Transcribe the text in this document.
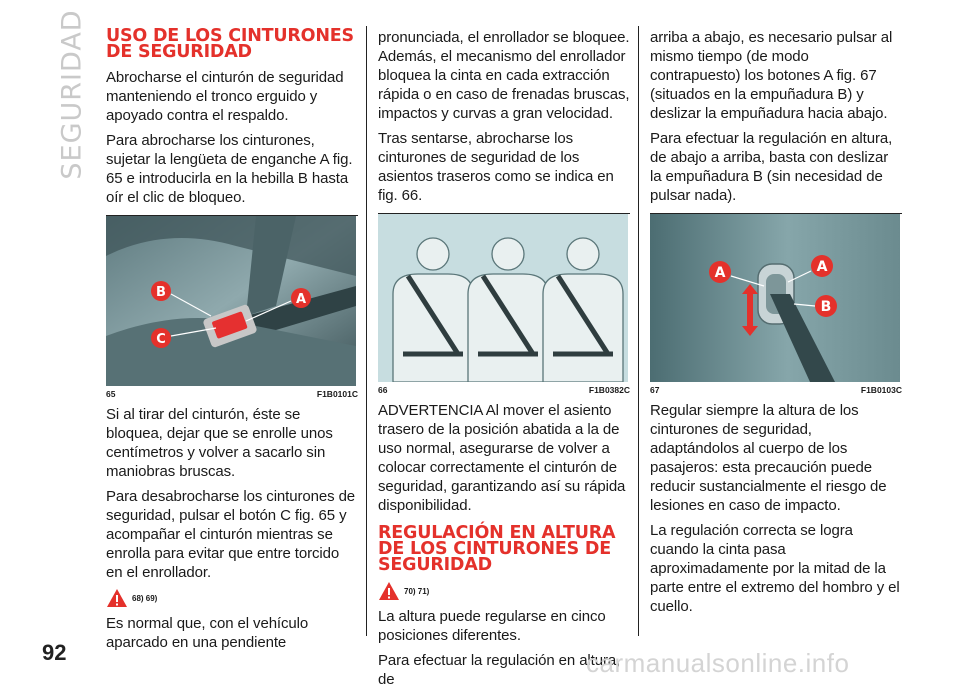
SEGURIDAD USO DE LOS CINTURONES DE SEGURIDAD

Abrocharse el cinturón de seguridad manteniendo el tronco erguido y apoyado contra el respaldo.

Para abrocharse los cinturones, sujetar la lengüeta de enganche A fig. 65 e introducirla en la hebilla B hasta oír el clic de bloqueo.

B	A
C
65	F1B0101C

Si al tirar del cinturón, éste se bloquea, dejar que se enrolle unos centímetros y volver a sacarlo sin maniobras bruscas.

Para desabrocharse los cinturones de seguridad, pulsar el botón C fig. 65 y acompañar el cinturón mientras se enrolla para evitar que entre torcido en el enrollador.

68) 69)

Es normal que, con el vehículo aparcado en una pendiente

pronunciada, el enrollador se bloquee. Además, el mecanismo del enrollador bloquea la cinta en cada extracción rápida o en caso de frenadas bruscas, impactos y curvas a gran velocidad.

Tras sentarse, abrocharse los cinturones de seguridad de los asientos traseros como se indica en fig. 66.

66	F1B0382C

ADVERTENCIA Al mover el asiento trasero de la posición abatida a la de uso normal, asegurarse de volver a colocar correctamente el cinturón de seguridad, garantizando así su rápida disponibilidad.

REGULACIÓN EN ALTURA DE LOS CINTURONES DE SEGURIDAD
70) 71)

La altura puede regularse en cinco posiciones diferentes.

Para efectuar la regulación en altura, de

arriba a abajo, es necesario pulsar al mismo tiempo (de modo contrapuesto) los botones A fig. 67 (situados en la empuñadura B) y deslizar la empuñadura hacia abajo.

Para efectuar la regulación en altura, de abajo a arriba, basta con deslizar la empuñadura B (sin necesidad de pulsar nada).

A	A
B
67	F1B0103C

Regular siempre la altura de los cinturones de seguridad, adaptándolos al cuerpo de los pasajeros: esta precaución puede reducir sustancialmente el riesgo de lesiones en caso de impacto.

La regulación correcta se logra cuando la cinta pasa aproximadamente por la mitad de la parte entre el extremo del hombro y el cuello.

92	carmanualsonline.info
